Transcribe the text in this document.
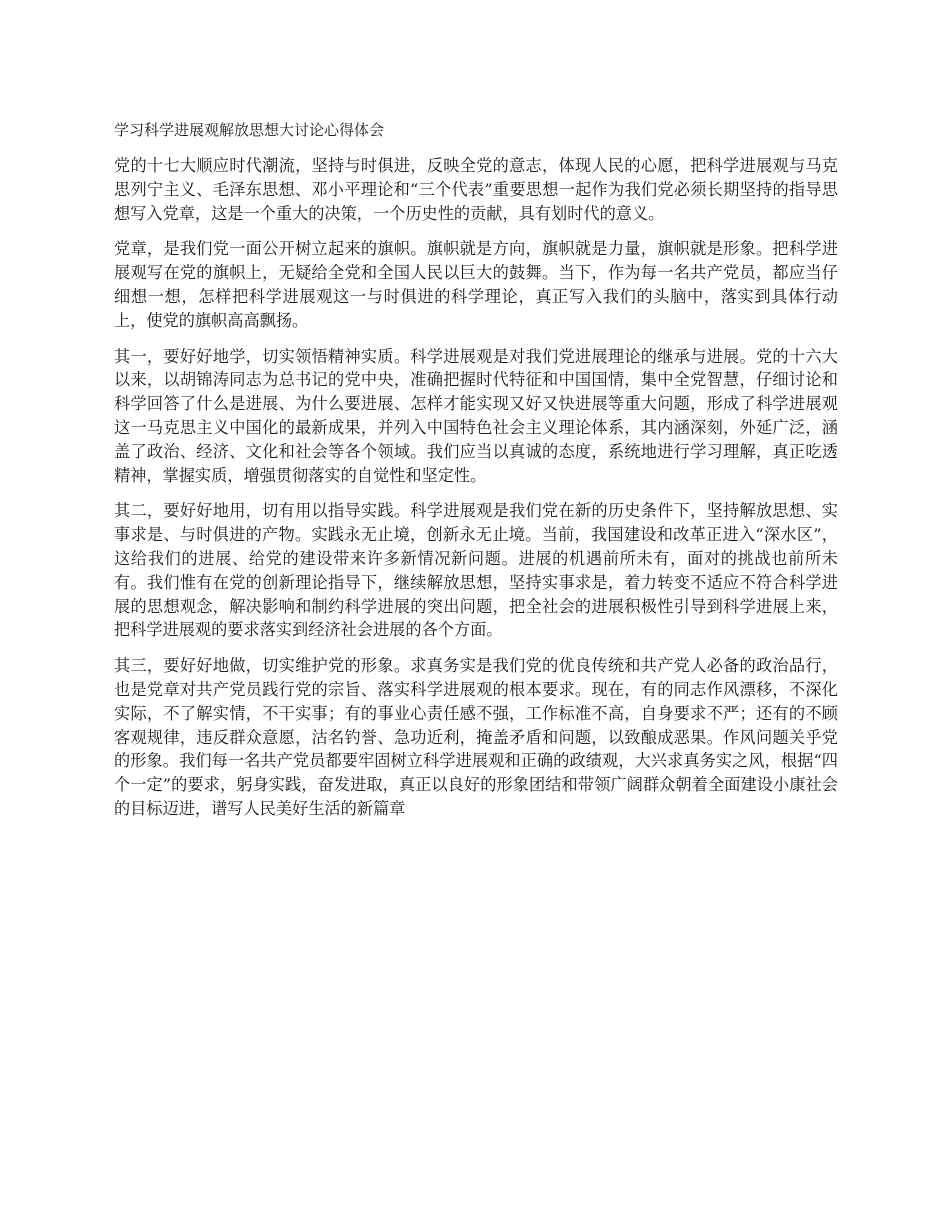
学习科学进展观解放思想大讨论心得体会

党的十七大顺应时代潮流，坚持与时俱进，反映全党的意志，体现人民的心愿，把科学进展观与马克思列宁主义、毛泽东思想、邓小平理论和“三个代表”重要思想一起作为我们党必须长期坚持的指导思想写入党章，这是一个重大的决策，一个历史性的贡献，具有划时代的意义。

党章，是我们党一面公开树立起来的旗帜。旗帜就是方向，旗帜就是力量，旗帜就是形象。把科学进展观写在党的旗帜上，无疑给全党和全国人民以巨大的鼓舞。当下，作为每一名共产党员，都应当仔细想一想，怎样把科学进展观这一与时俱进的科学理论，真正写入我们的头脑中，落实到具体行动上，使党的旗帜高高飘扬。

其一，要好好地学，切实领悟精神实质。科学进展观是对我们党进展理论的继承与进展。党的十六大以来，以胡锦涛同志为总书记的党中央，准确把握时代特征和中国国情，集中全党智慧，仔细讨论和科学回答了什么是进展、为什么要进展、怎样才能实现又好又快进展等重大问题，形成了科学进展观这一马克思主义中国化的最新成果，并列入中国特色社会主义理论体系，其内涵深刻，外延广泛，涵盖了政治、经济、文化和社会等各个领域。我们应当以真诚的态度，系统地进行学习理解，真正吃透精神，掌握实质，增强贯彻落实的自觉性和坚定性。

其二，要好好地用，切有用以指导实践。科学进展观是我们党在新的历史条件下，坚持解放思想、实事求是、与时俱进的产物。实践永无止境，创新永无止境。当前，我国建设和改革正进入“深水区”，这给我们的进展、给党的建设带来许多新情况新问题。进展的机遇前所未有，面对的挑战也前所未有。我们惟有在党的创新理论指导下，继续解放思想，坚持实事求是，着力转变不适应不符合科学进展的思想观念，解决影响和制约科学进展的突出问题，把全社会的进展积极性引导到科学进展上来，把科学进展观的要求落实到经济社会进展的各个方面。

其三，要好好地做，切实维护党的形象。求真务实是我们党的优良传统和共产党人必备的政治品行，也是党章对共产党员践行党的宗旨、落实科学进展观的根本要求。现在，有的同志作风漂移，不深化实际，不了解实情，不干实事；有的事业心责任感不强，工作标准不高，自身要求不严；还有的不顾客观规律，违反群众意愿，沽名钓誉、急功近利，掩盖矛盾和问题，以致酿成恶果。作风问题关乎党的形象。我们每一名共产党员都要牢固树立科学进展观和正确的政绩观，大兴求真务实之风，根据“四个一定”的要求，躬身实践，奋发进取，真正以良好的形象团结和带领广阔群众朝着全面建设小康社会的目标迈进，谱写人民美好生活的新篇章
